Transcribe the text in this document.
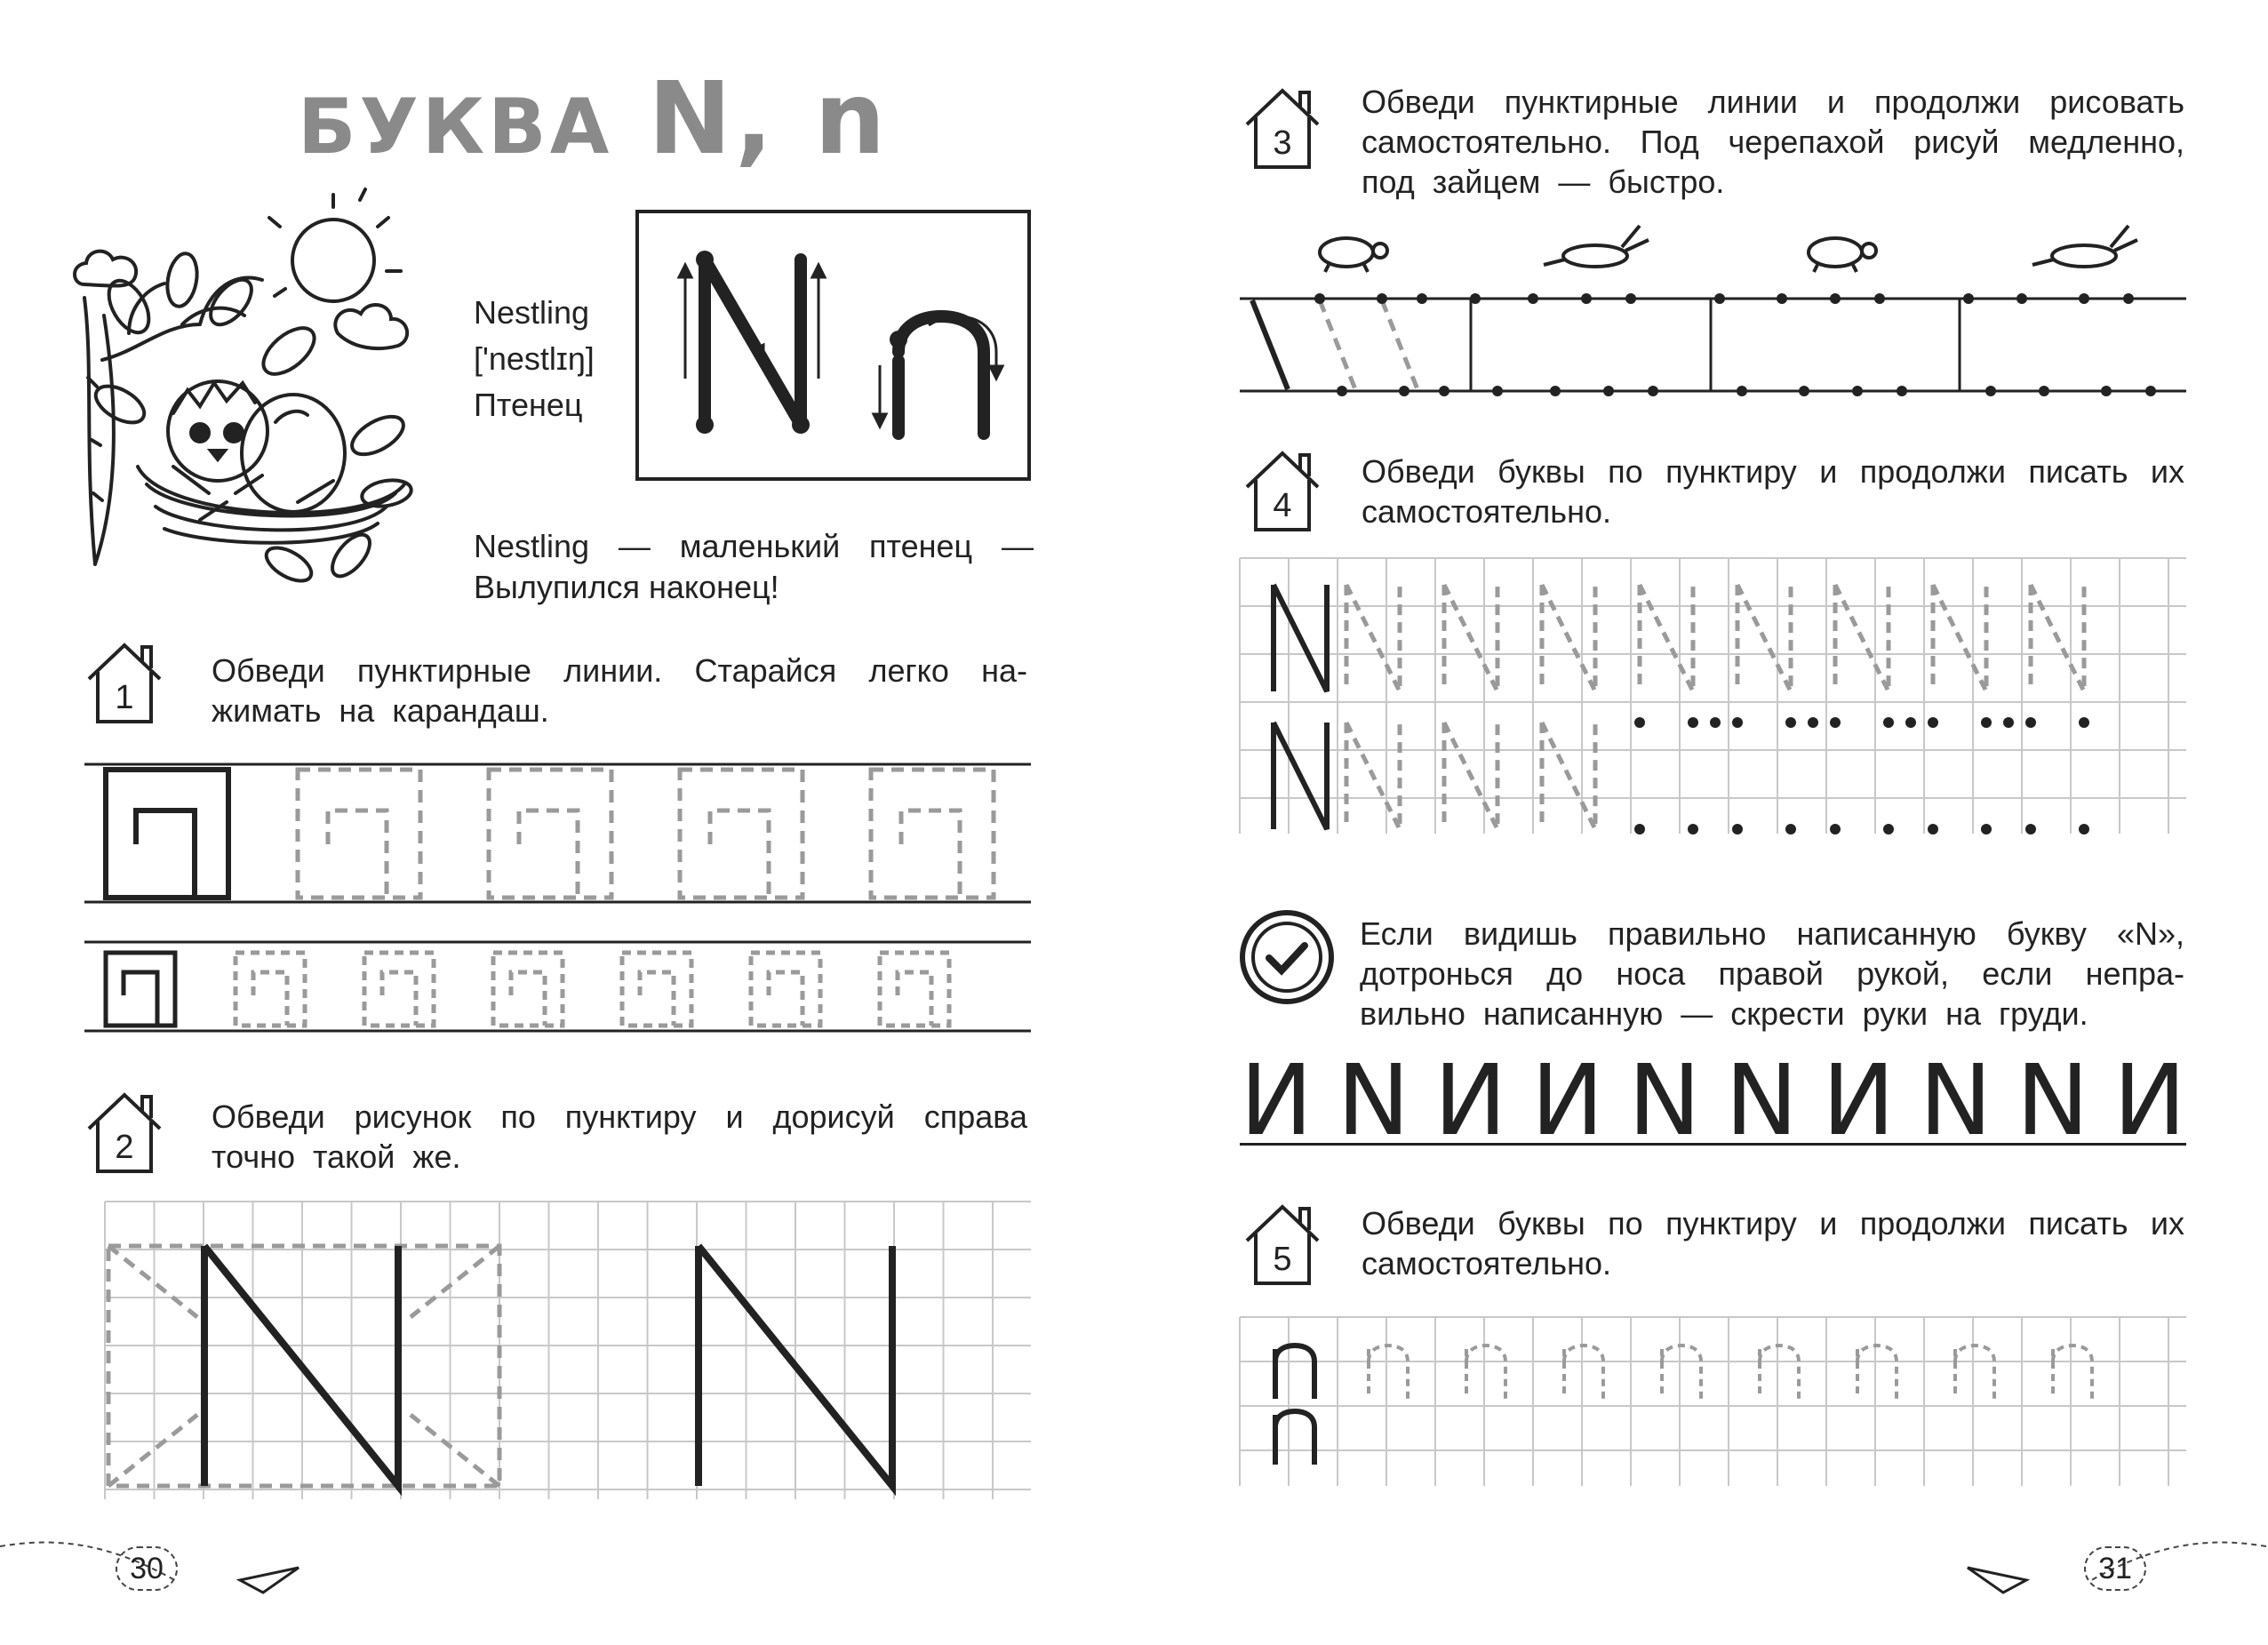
БУКВА N, n
Nestling
['nestlɪŋ]
Птенец
Nestling — маленький птенец —
Вылупился наконец!
1
Обведи пунктирные линии. Старайся легко на-жимать на карандаш.
2
Обведи рисунок по пунктиру и дорисуй справа точно такой же.
30
3
Обведи пунктирные линии и продолжи рисовать самостоятельно. Под черепахой рисуй медленно, под зайцем — быстро.
4
Обведи буквы по пунктиру и продолжи писать их самостоятельно.
Если видишь правильно написанную букву «N», дотронься до носа правой рукой, если непра-вильно написанную — скрести руки на груди.
И N И И N N И N N И
5
Обведи буквы по пунктиру и продолжи писать их самостоятельно.
31
